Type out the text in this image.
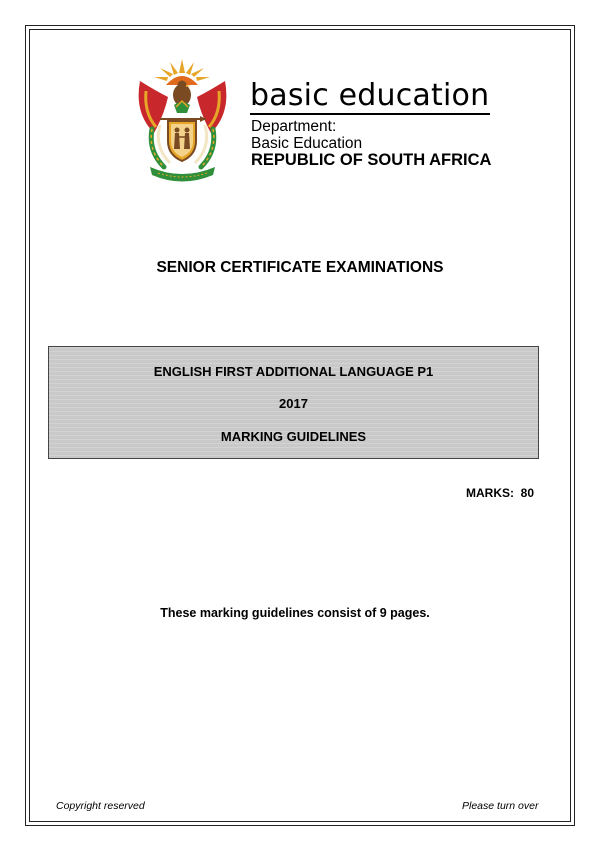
basic education
Department:
Basic Education
REPUBLIC OF SOUTH AFRICA
SENIOR CERTIFICATE EXAMINATIONS
ENGLISH FIRST ADDITIONAL LANGUAGE P1
2017
MARKING GUIDELINES
MARKS:  80
These marking guidelines consist of 9 pages.
Copyright reserved	Please turn over
